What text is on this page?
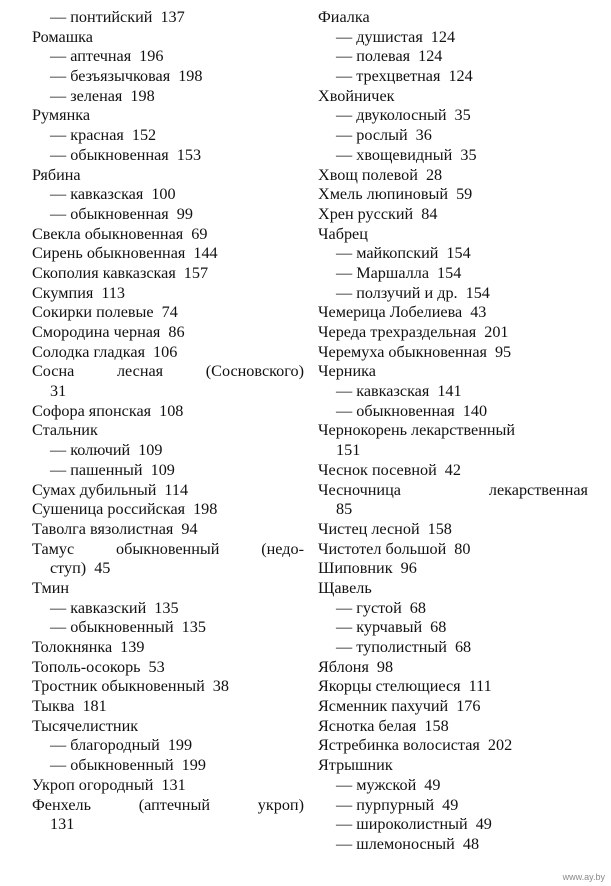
— понтийский 137
Ромашка
— аптечная 196
— безъязычковая 198
— зеленая 198
Румянка
— красная 152
— обыкновенная 153
Рябина
— кавказская 100
— обыкновенная 99
Свекла обыкновенная 69
Сирень обыкновенная 144
Скополия кавказская 157
Скумпия 113
Сокирки полевые 74
Смородина черная 86
Солодка гладкая 106
Сосна	лесная	(Сосновского)
31
Софора японская 108
Стальник
— колючий 109
— пашенный 109
Сумах дубильный 114
Сушеница российская 198
Таволга вязолистная 94
Тамус	обыкновенный	(недо-
ступ) 45
Тмин
— кавказский 135
— обыкновенный 135
Толокнянка 139
Тополь-осокорь 53
Тростник обыкновенный 38
Тыква 181
Тысячелистник
— благородный 199
— обыкновенный 199
Укроп огородный 131
Фенхель	(аптечный	укроп)
131
Фиалка
— душистая 124
— полевая 124
— трехцветная 124
Хвойничек
— двуколосный 35
— рослый 36
— хвощевидный 35
Хвощ полевой 28
Хмель люпиновый 59
Хрен русский 84
Чабрец
— майкопский 154
— Маршалла 154
— ползучий и др. 154
Чемерица Лобелиева 43
Череда трехраздельная 201
Черемуха обыкновенная 95
Черника
— кавказская 141
— обыкновенная 140
Чернокорень лекарственный
151
Чеснок посевной 42
Чесночница	лекарственная
85
Чистец лесной 158
Чистотел большой 80
Шиповник 96
Щавель
— густой 68
— курчавый 68
— туполистный 68
Яблоня 98
Якорцы стелющиеся 111
Ясменник пахучий 176
Яснотка белая 158
Ястребинка волосистая 202
Ятрышник
— мужской 49
— пурпурный 49
— широколистный 49
— шлемоносный 48
www.ay.by
